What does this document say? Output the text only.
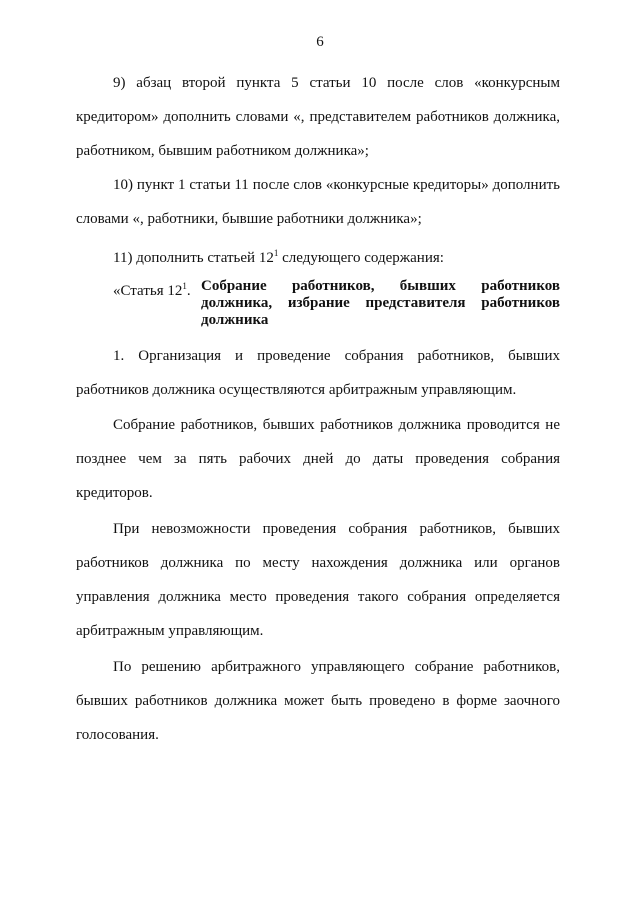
6

9) абзац второй пункта 5 статьи 10 после слов «конкурсным кредитором» дополнить словами «, представителем работников должника, работником, бывшим работником должника»;

10) пункт 1 статьи 11 после слов «конкурсные кредиторы» дополнить словами «, работники, бывшие работники должника»;

11) дополнить статьей $12^1$ следующего содержания:

«Статья $12^1$. Собрание работников, бывших работников должника, избрание представителя работников должника

1. Организация и проведение собрания работников, бывших работников должника осуществляются арбитражным управляющим.

Собрание работников, бывших работников должника проводится не позднее чем за пять рабочих дней до даты проведения собрания кредиторов.

При невозможности проведения собрания работников, бывших работников должника по месту нахождения должника или органов управления должника место проведения такого собрания определяется арбитражным управляющим.

По решению арбитражного управляющего собрание работников, бывших работников должника может быть проведено в форме заочного голосования.
